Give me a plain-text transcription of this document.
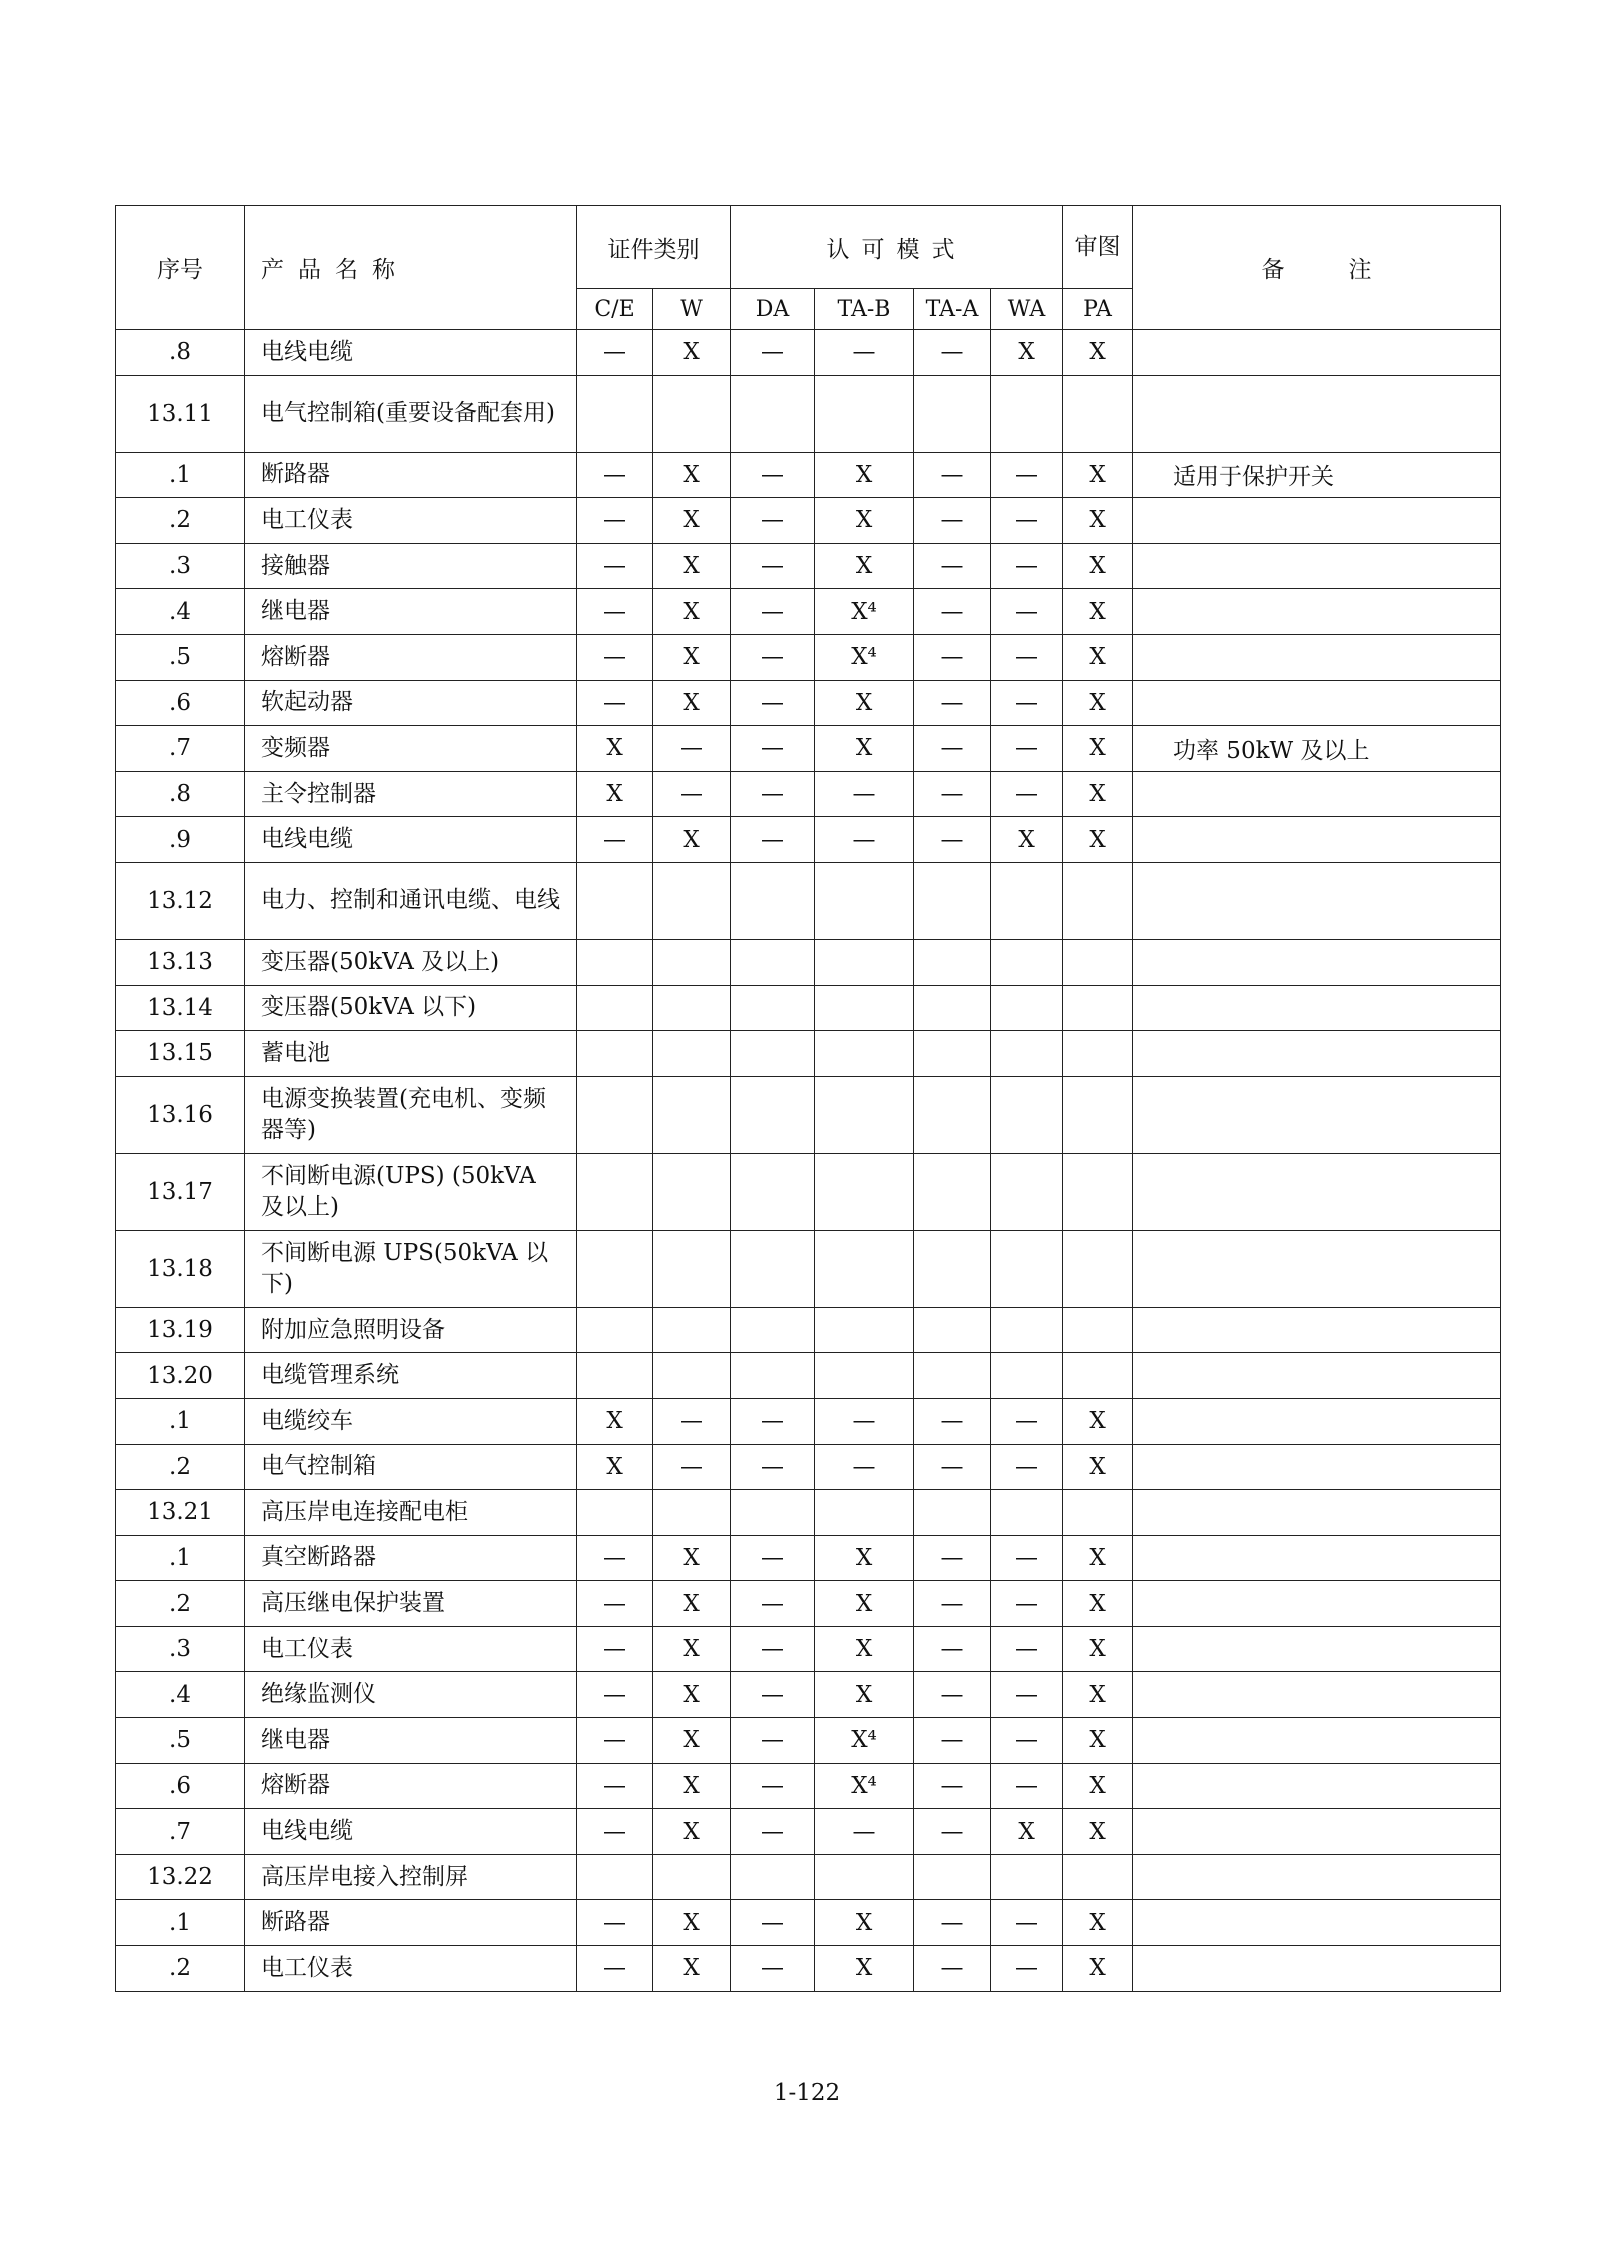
序号	产品名称	证件类别		认可模式				审图	备注
		C/E	W	DA	TA-B	TA-A	WA	PA	
.8	电线电缆	—	X	—	—	—	X	X	
13.11	电气控制箱(重要设备配套用)								
.1	断路器	—	X	—	X	—	—	X	适用于保护开关
.2	电工仪表	—	X	—	X	—	—	X	
.3	接触器	—	X	—	X	—	—	X	
.4	继电器	—	X	—	X⁴	—	—	X	
.5	熔断器	—	X	—	X⁴	—	—	X	
.6	软起动器	—	X	—	X	—	—	X	
.7	变频器	X	—	—	X	—	—	X	功率 50kW 及以上
.8	主令控制器	X	—	—	—	—	—	X	
.9	电线电缆	—	X	—	—	—	X	X	
13.12	电力、控制和通讯电缆、电线								
13.13	变压器(50kVA 及以上)								
13.14	变压器(50kVA 以下)								
13.15	蓄电池								
13.16	电源变换装置(充电机、变频器等)								
13.17	不间断电源(UPS) (50kVA 及以上)								
13.18	不间断电源 UPS(50kVA 以下)								
13.19	附加应急照明设备								
13.20	电缆管理系统								
.1	电缆绞车	X	—	—	—	—	—	X	
.2	电气控制箱	X	—	—	—	—	—	X	
13.21	高压岸电连接配电柜								
.1	真空断路器	—	X	—	X	—	—	X	
.2	高压继电保护装置	—	X	—	X	—	—	X	
.3	电工仪表	—	X	—	X	—	—	X	
.4	绝缘监测仪	—	X	—	X	—	—	X	
.5	继电器	—	X	—	X⁴	—	—	X	
.6	熔断器	—	X	—	X⁴	—	—	X	
.7	电线电缆	—	X	—	—	—	X	X	
13.22	高压岸电接入控制屏								
.1	断路器	—	X	—	X	—	—	X	
.2	电工仪表	—	X	—	X	—	—	X	
1-122
